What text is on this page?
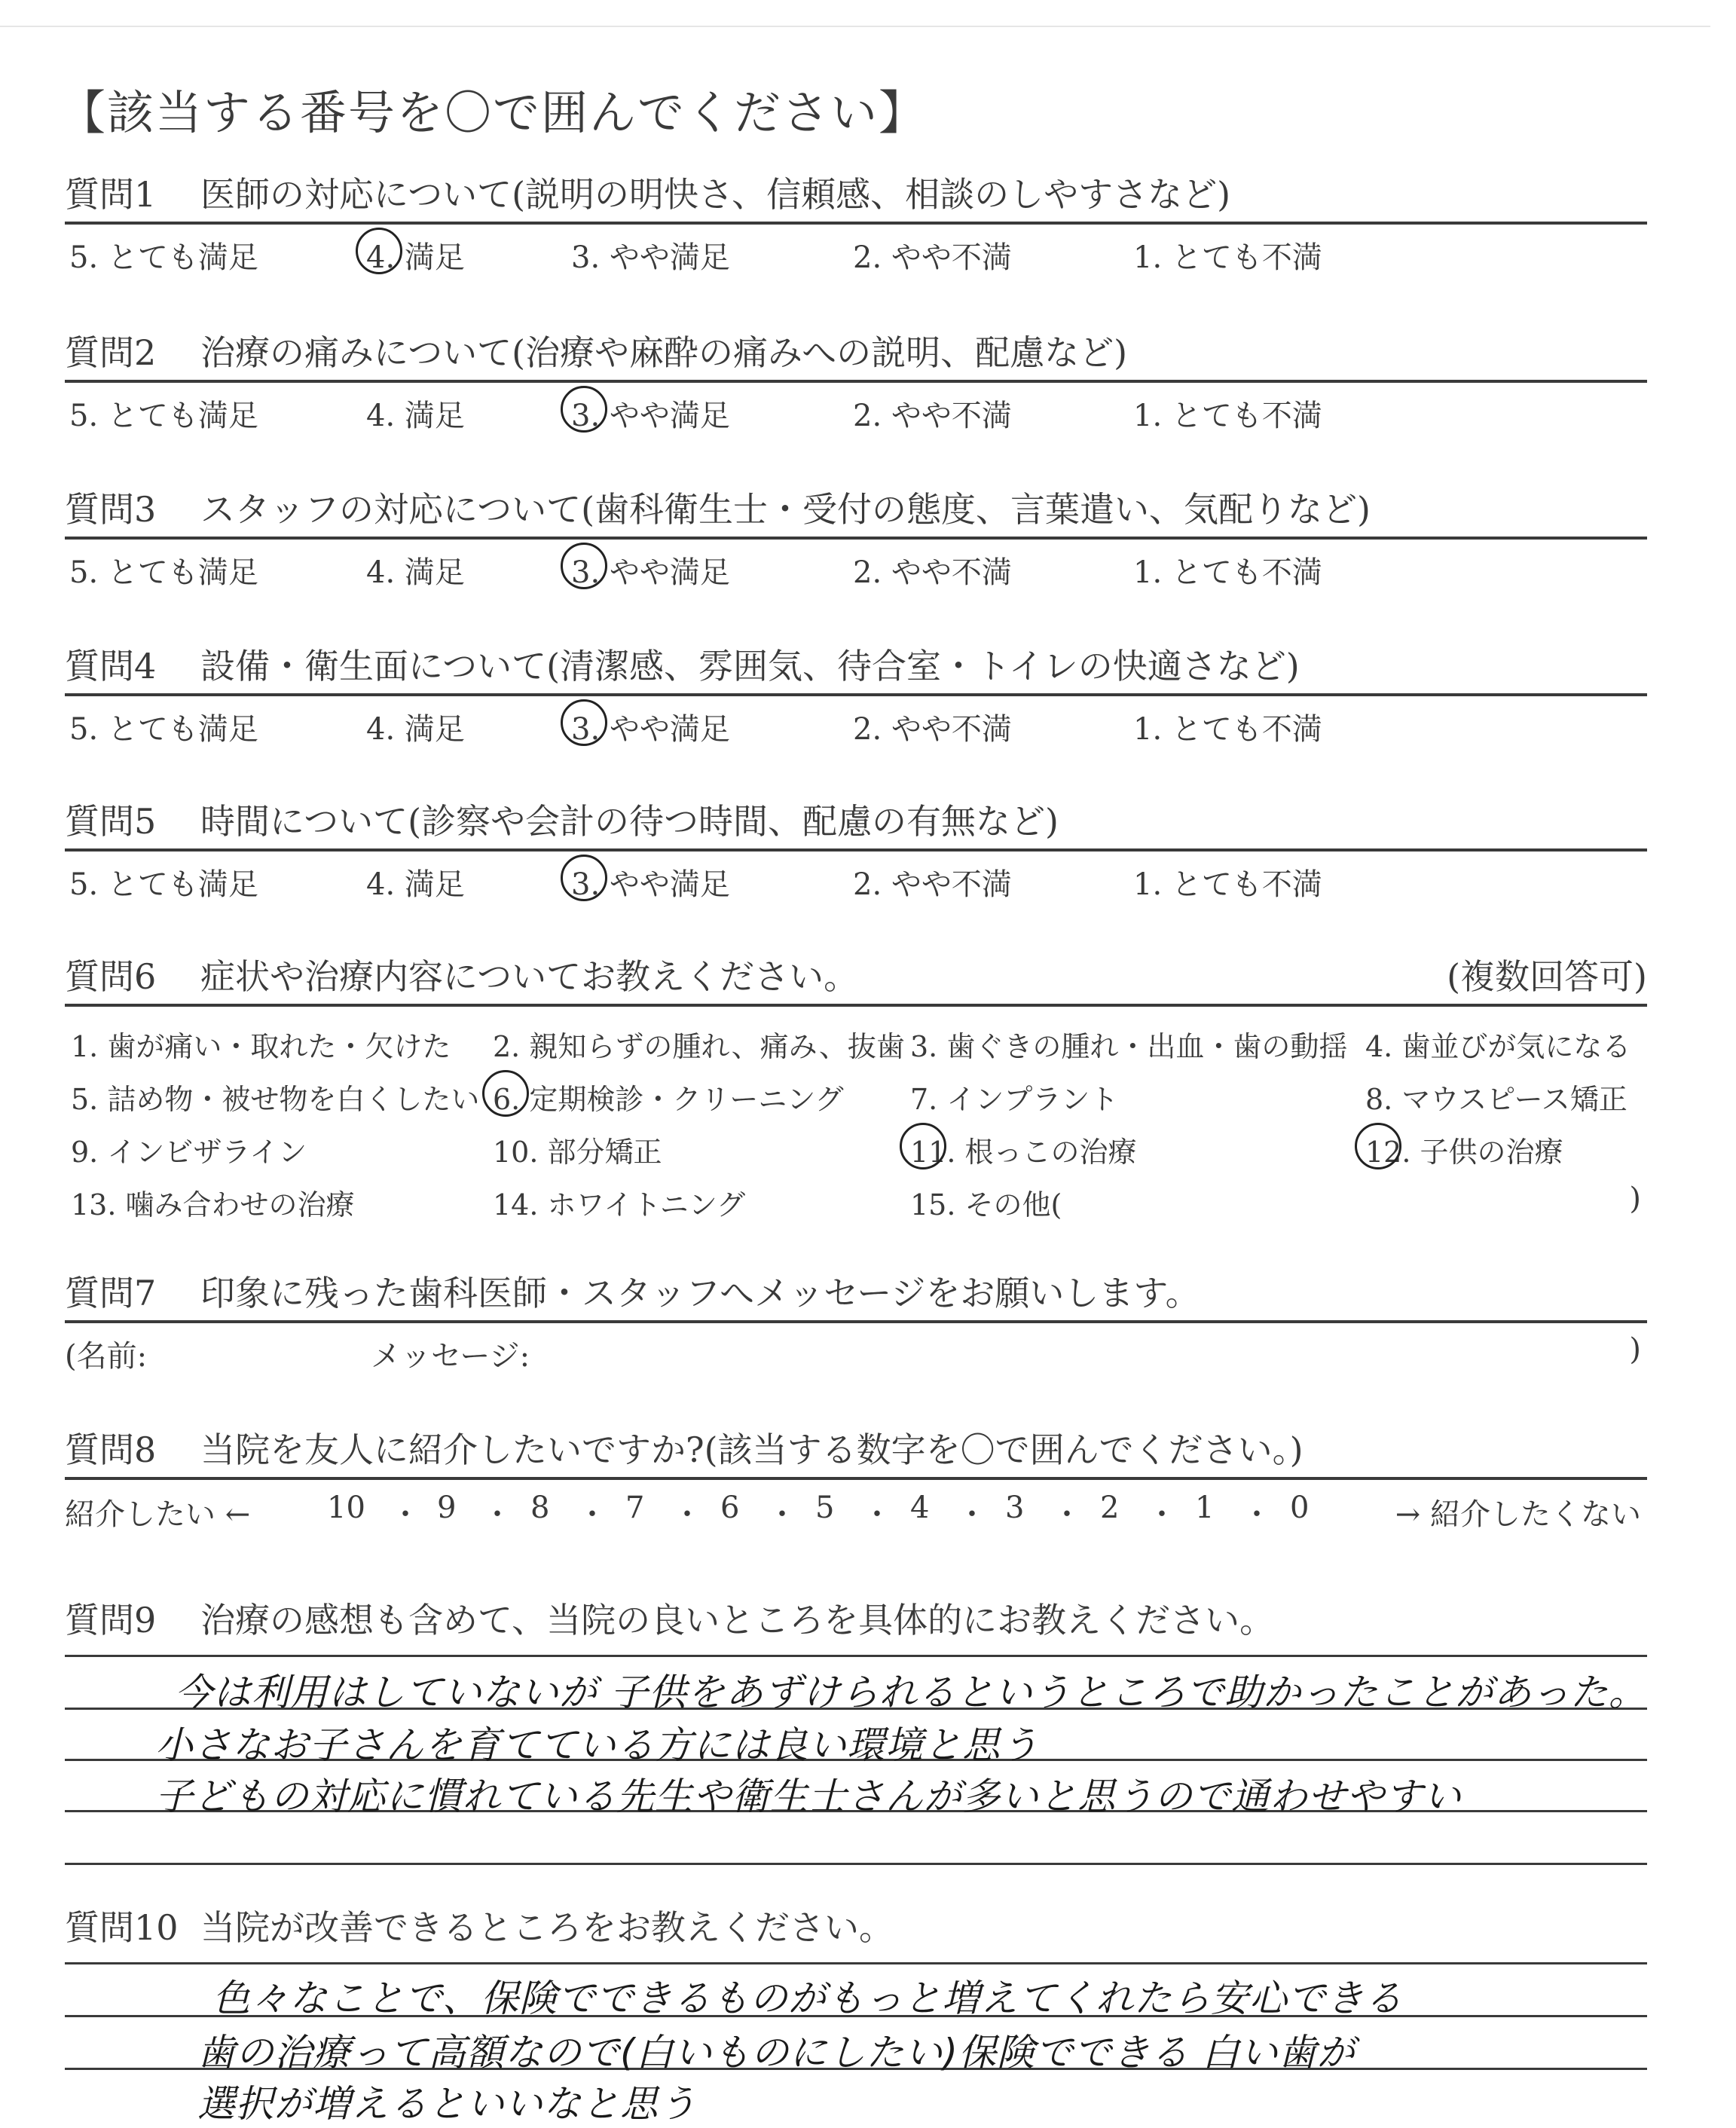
【該当する番号を〇で囲んでください】
質問1 医師の対応について(説明の明快さ、信頼感、相談のしやすさなど)
5. とても満足	4. 満足	3. やや満足	2. やや不満	1. とても不満
質問2 治療の痛みについて(治療や麻酔の痛みへの説明、配慮など)
5. とても満足	4. 満足	3. やや満足	2. やや不満	1. とても不満
質問3 スタッフの対応について(歯科衛生士・受付の態度、言葉遣い、気配りなど)
5. とても満足	4. 満足	3. やや満足	2. やや不満	1. とても不満
質問4 設備・衛生面について(清潔感、雰囲気、待合室・トイレの快適さなど)
5. とても満足	4. 満足	3. やや満足	2. やや不満	1. とても不満
質問5 時間について(診察や会計の待つ時間、配慮の有無など)
5. とても満足	4. 満足	3. やや満足	2. やや不満	1. とても不満
質問6 症状や治療内容についてお教えください。	(複数回答可)
1. 歯が痛い・取れた・欠けた 2. 親知らずの腫れ、痛み、抜歯 3. 歯ぐきの腫れ・出血・歯の動揺 4. 歯並びが気になる
5. 詰め物・被せ物を白くしたい 6. 定期検診・クリーニング 7. インプラント	8. マウスピース矯正
9. インビザライン	10. 部分矯正	11. 根っこの治療	12. 子供の治療
13. 噛み合わせの治療	14. ホワイトニング	15. その他(	)
質問7 印象に残った歯科医師・スタッフへメッセージをお願いします。
(名前:	メッセージ:	)
質問8 当院を友人に紹介したいですか?(該当する数字を〇で囲んでください。)
紹介したい ←	10 ・ 9 ・ 8 ・ 7 ・ 6 ・ 5 ・ 4 ・ 3 ・ 2 ・ 1 ・ 0	→ 紹介したくない
質問9 治療の感想も含めて、当院の良いところを具体的にお教えください。
今は利用はしていないが 子供をあずけられるというところで助かったことがあった。
小さなお子さんを育てている方には良い環境と思う
子どもの対応に慣れている先生や衛生士さんが多いと思うので通わせやすい
質問10 当院が改善できるところをお教えください。
色々なことで、保険でできるものがもっと増えてくれたら安心できる
歯の治療って高額なので(白いものにしたい)保険でできる 白い歯が
選択が増えるといいなと思う
